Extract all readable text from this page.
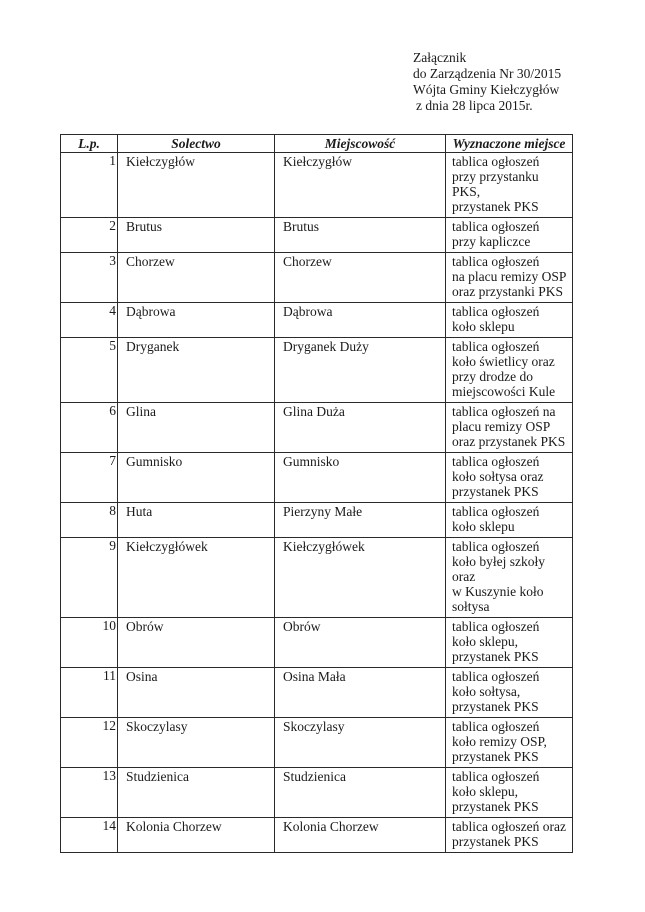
Załącznik
do Zarządzenia Nr 30/2015
Wójta Gminy Kiełczygłów
z dnia 28 lipca 2015r.
L.p.	Solectwo	Miejscowość	Wyznaczone miejsce
1	Kiełczygłów	Kiełczygłów	tablica ogłoszeń
przy przystanku PKS,
przystanek PKS

2	Brutus	Brutus	tablica ogłoszeń
przy kapliczce

3	Chorzew	Chorzew	tablica ogłoszeń
na placu remizy OSP
oraz przystanki PKS

4	Dąbrowa	Dąbrowa	tablica ogłoszeń
koło sklepu

5	Dryganek	Dryganek Duży	tablica ogłoszeń
koło świetlicy oraz
przy drodze do
miejscowości Kule

6	Glina	Glina Duża	tablica ogłoszeń na
placu remizy OSP
oraz przystanek PKS

7	Gumnisko	Gumnisko	tablica ogłoszeń
koło sołtysa oraz
przystanek PKS

8	Huta	Pierzyny Małe	tablica ogłoszeń
koło sklepu

9	Kiełczygłówek	Kiełczygłówek	tablica ogłoszeń
koło byłej szkoły oraz
w Kuszynie koło
sołtysa

10	Obrów	Obrów	tablica ogłoszeń
koło sklepu,
przystanek PKS

11	Osina	Osina Mała	tablica ogłoszeń
koło sołtysa,
przystanek PKS

12	Skoczylasy	Skoczylasy	tablica ogłoszeń
koło remizy OSP,
przystanek PKS

13	Studzienica	Studzienica	tablica ogłoszeń
koło sklepu,
przystanek PKS

14	Kolonia Chorzew	Kolonia Chorzew	tablica ogłoszeń oraz
przystanek PKS
